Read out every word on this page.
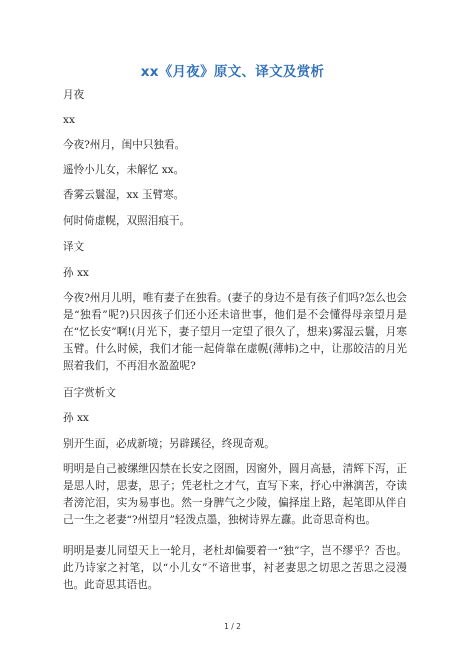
xx《月夜》原文、译文及赏析
月夜
xx
今夜?州月，闺中只独看。
遥怜小儿女，未解忆 xx。
香雾云鬟湿，xx 玉臂寒。
何时倚虚幌，双照泪痕干。
译文
孙 xx
今夜?州月儿明，唯有妻子在独看。(妻子的身边不是有孩子们吗?怎么也会是“独看”呢?)只因孩子们还小还未谙世事，他们是不会懂得母亲望月是在“忆长安”啊!(月光下，妻子望月一定望了很久了，想来)雾湿云鬟，月寒玉臂。什么时候，我们才能一起倚靠在虚幌(薄帏)之中，让那皎洁的月光照着我们，不再泪水盈盈呢?
百字赏析文
孙 xx
别开生面，必成新境；另辟蹊径，终现奇观。
明明是自己被缧绁囚禁在长安之囹圄，因窗外，圆月高悬，清辉下泻，正是思人时，思妻，思子；凭老杜之才气，直写下来，抒心中淋漓苦，夺读者滂沱泪，实为易事也。然一身脾气之少陵，偏择崖上路，起笔即从伴自己一生之老妻“?州望月”轻泼点墨，独树诗界左纛。此奇思奇构也。
明明是妻儿同望天上一轮月，老杜却偏要着一“独”字，岂不缪乎？否也。此乃诗家之衬笔，以“小儿女”不谙世事，衬老妻思之切思之苦思之浸漫也。此奇思其语也。
1 / 2
